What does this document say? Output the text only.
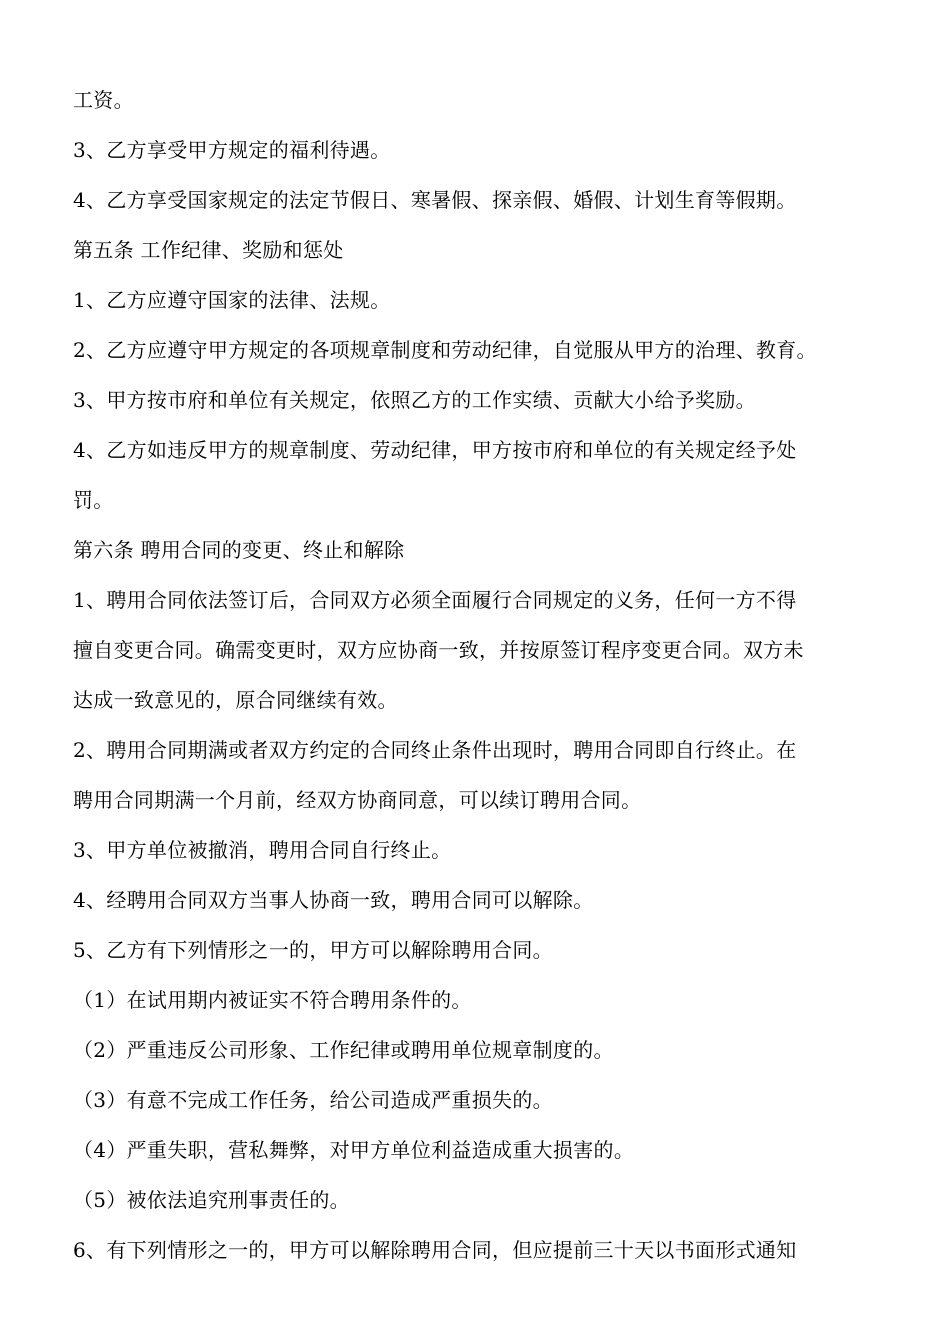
工资。
3、乙方享受甲方规定的福利待遇。
4、乙方享受国家规定的法定节假日、寒暑假、探亲假、婚假、计划生育等假期。
第五条 工作纪律、奖励和惩处
1、乙方应遵守国家的法律、法规。
2、乙方应遵守甲方规定的各项规章制度和劳动纪律，自觉服从甲方的治理、教育。
3、甲方按市府和单位有关规定，依照乙方的工作实绩、贡献大小给予奖励。
4、乙方如违反甲方的规章制度、劳动纪律，甲方按市府和单位的有关规定经予处
罚。
第六条 聘用合同的变更、终止和解除
1、聘用合同依法签订后，合同双方必须全面履行合同规定的义务，任何一方不得
擅自变更合同。确需变更时，双方应协商一致，并按原签订程序变更合同。双方未
达成一致意见的，原合同继续有效。
2、聘用合同期满或者双方约定的合同终止条件出现时，聘用合同即自行终止。在
聘用合同期满一个月前，经双方协商同意，可以续订聘用合同。
3、甲方单位被撤消，聘用合同自行终止。
4、经聘用合同双方当事人协商一致，聘用合同可以解除。
5、乙方有下列情形之一的，甲方可以解除聘用合同。
（1）在试用期内被证实不符合聘用条件的。
（2）严重违反公司形象、工作纪律或聘用单位规章制度的。
（3）有意不完成工作任务，给公司造成严重损失的。
（4）严重失职，营私舞弊，对甲方单位利益造成重大损害的。
（5）被依法追究刑事责任的。
6、有下列情形之一的，甲方可以解除聘用合同，但应提前三十天以书面形式通知
